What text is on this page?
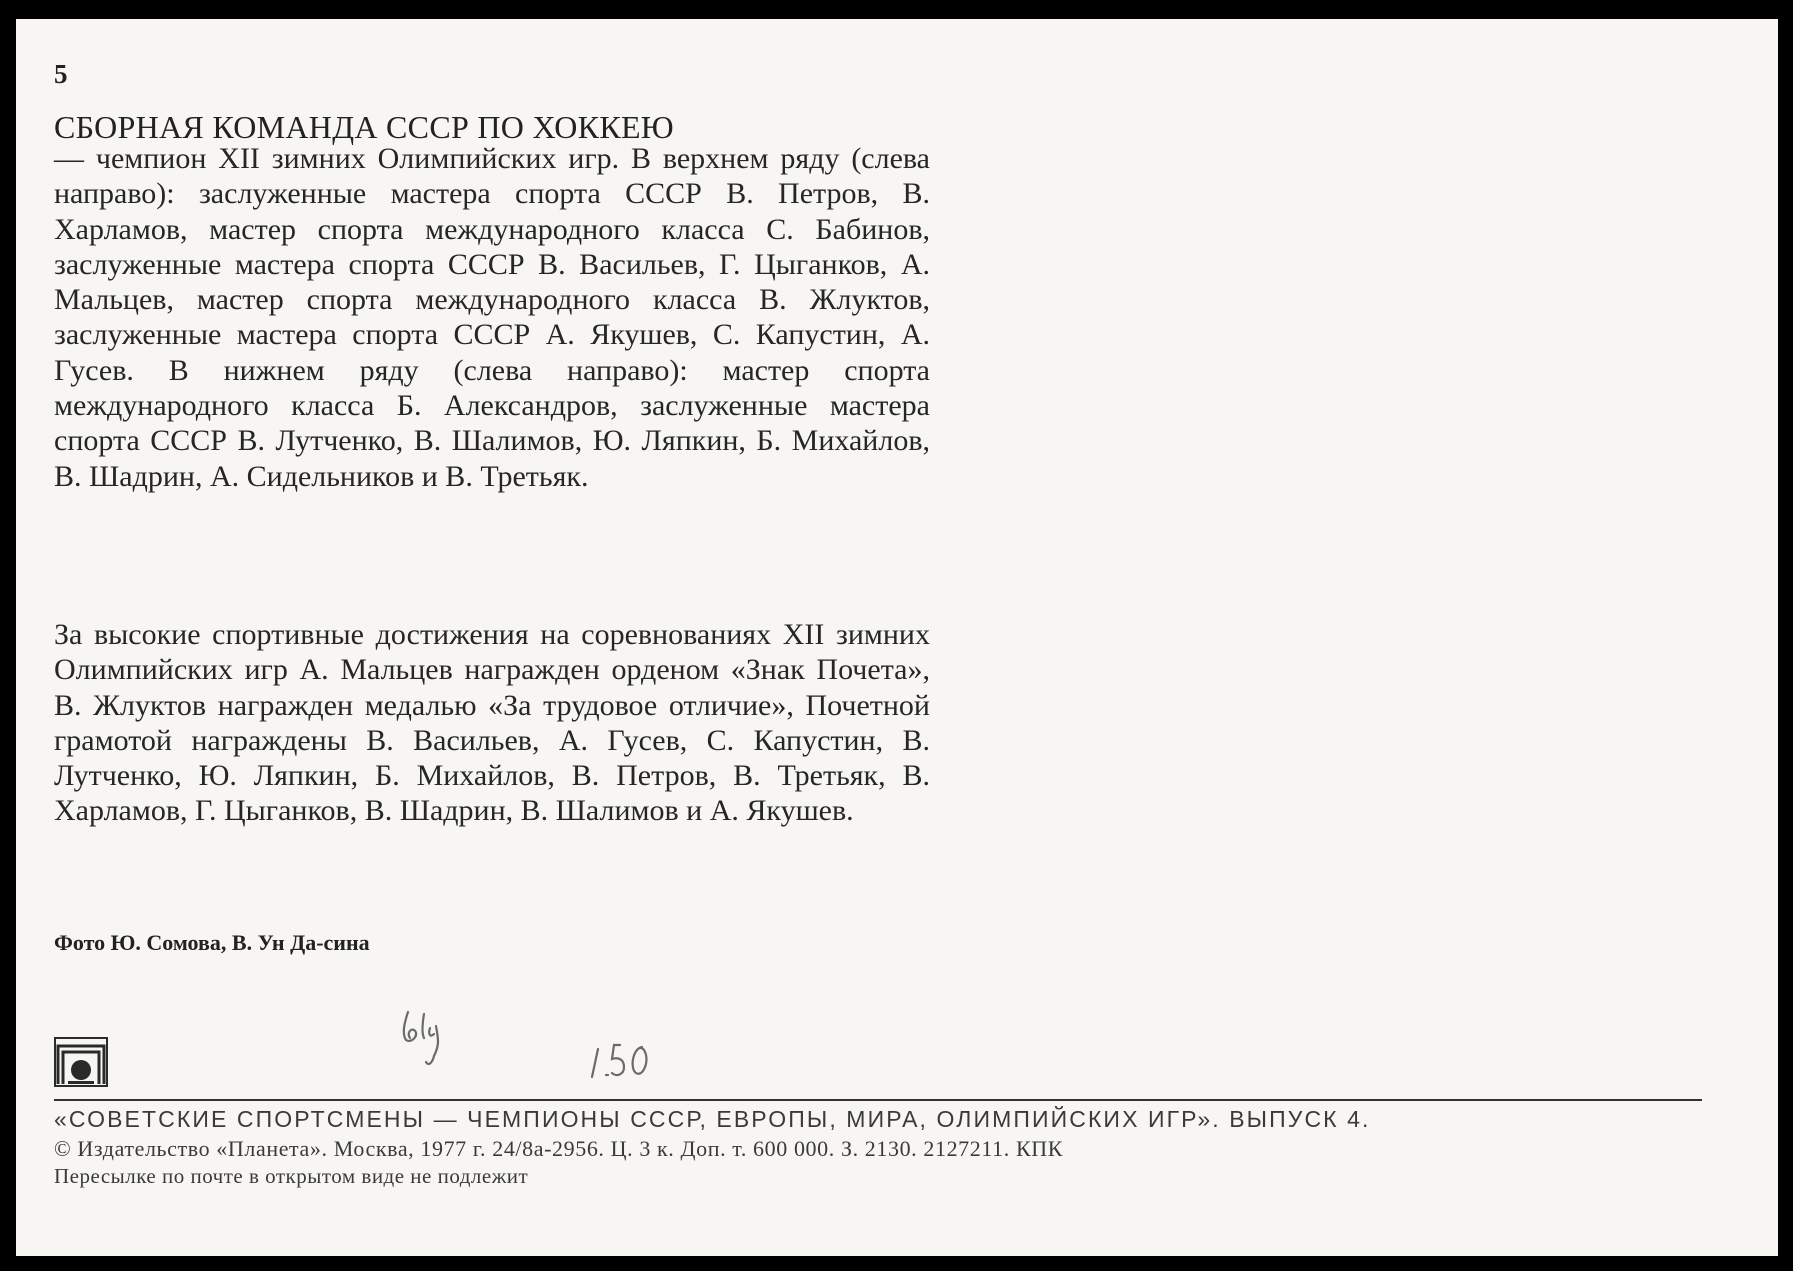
5
СБОРНАЯ КОМАНДА СССР ПО ХОККЕЮ

— чемпион XII зимних Олимпийских игр. В верхнем ряду (слева направо): заслуженные мастера спорта СССР В. Петров, В. Харламов, мастер спорта международного класса С. Бабинов, заслуженные мастера спорта СССР В. Васильев, Г. Цыганков, А. Мальцев, мастер спорта международного класса В. Жлуктов, заслуженные мастера спорта СССР А. Якушев, С. Капустин, А. Гусев. В нижнем ряду (слева направо): мастер спорта международного класса Б. Александров, заслуженные мастера спорта СССР В. Лутченко, В. Шалимов, Ю. Ляпкин, Б. Михайлов, В. Шадрин, А. Сидельников и В. Третьяк.

За высокие спортивные достижения на соревнованиях XII зимних Олимпийских игр А. Мальцев награжден орденом «Знак Почета», В. Жлуктов награжден медалью «За трудовое отличие», Почетной грамотой награждены В. Васильев, А. Гусев, С. Капустин, В. Лутченко, Ю. Ляпкин, Б. Михайлов, В. Петров, В. Третьяк, В. Харламов, Г. Цыганков, В. Шадрин, В. Шалимов и А. Якушев.

Фото Ю. Сомова, В. Ун Да-сина
«СОВЕТСКИЕ СПОРТСМЕНЫ — ЧЕМПИОНЫ СССР, ЕВРОПЫ, МИРА, ОЛИМПИЙСКИХ ИГР». ВЫПУСК 4.
© Издательство «Планета». Москва, 1977 г. 24/8а-2956. Ц. 3 к. Доп. т. 600 000. З. 2130. 2127211. КПК
Пересылке по почте в открытом виде не подлежит
